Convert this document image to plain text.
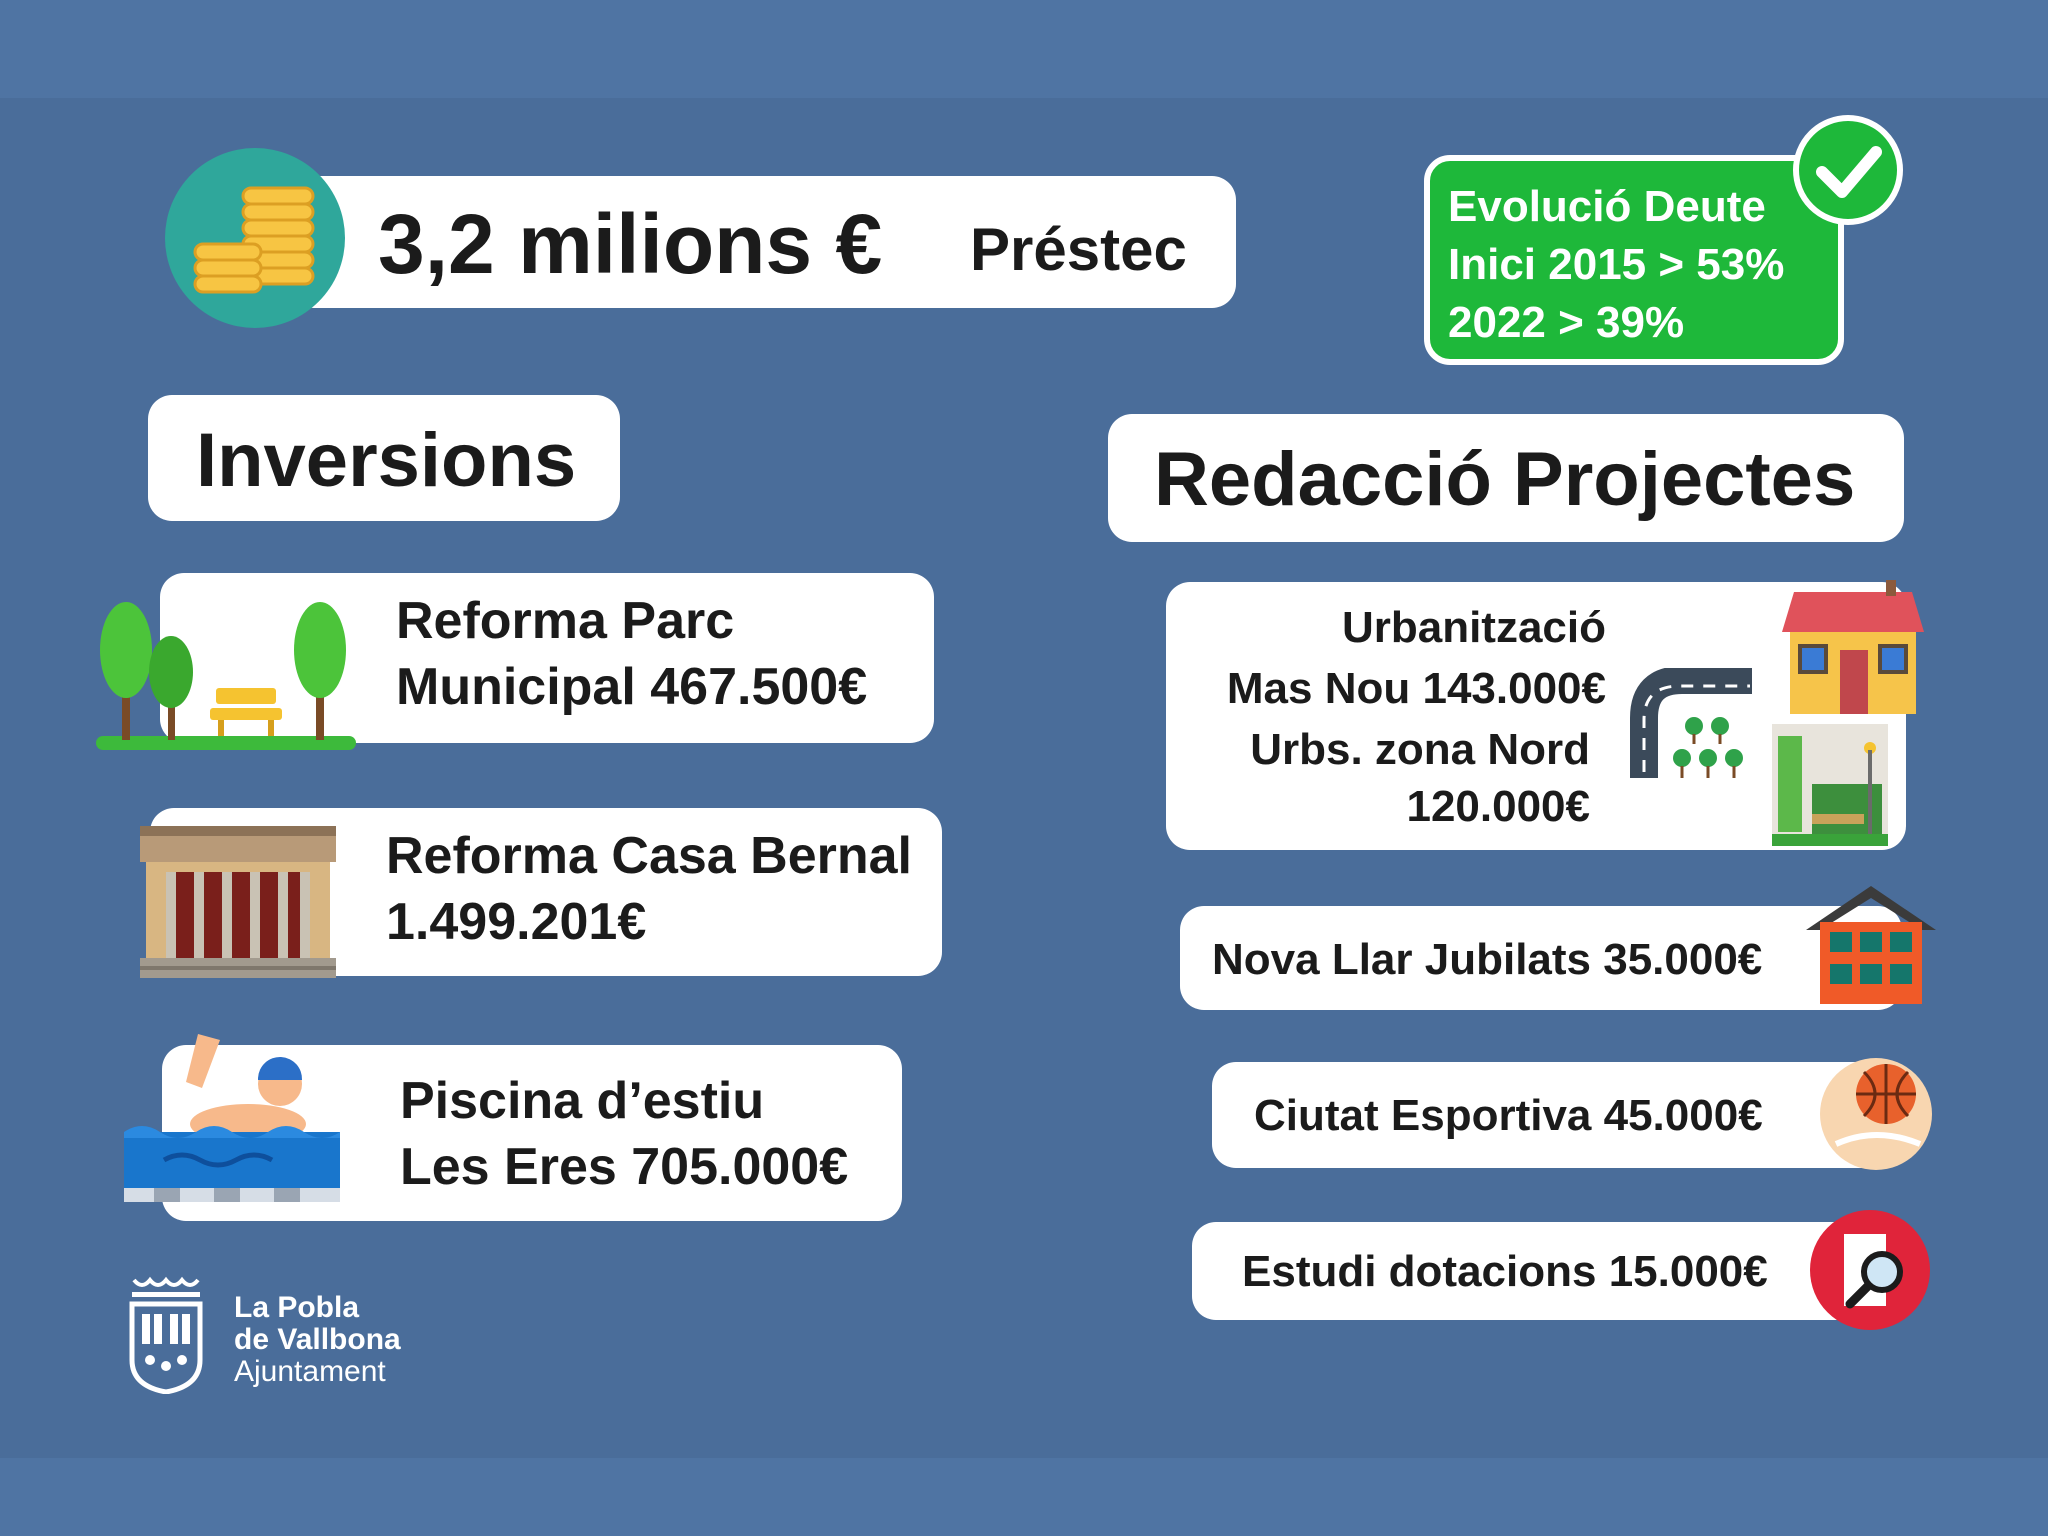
3,2 milions € Préstec
Evolució Deute
Inici 2015 > 53%
2022 > 39%
Inversions
Reforma Parc
Municipal 467.500€
Reforma Casa Bernal
1.499.201€
Piscina d’estiu
Les Eres 705.000€
Redacció Projectes
Urbanització
Mas Nou 143.000€
Urbs. zona Nord
120.000€
Nova Llar Jubilats 35.000€
Ciutat Esportiva 45.000€
Estudi dotacions 15.000€
La Pobla
de Vallbona
Ajuntament
